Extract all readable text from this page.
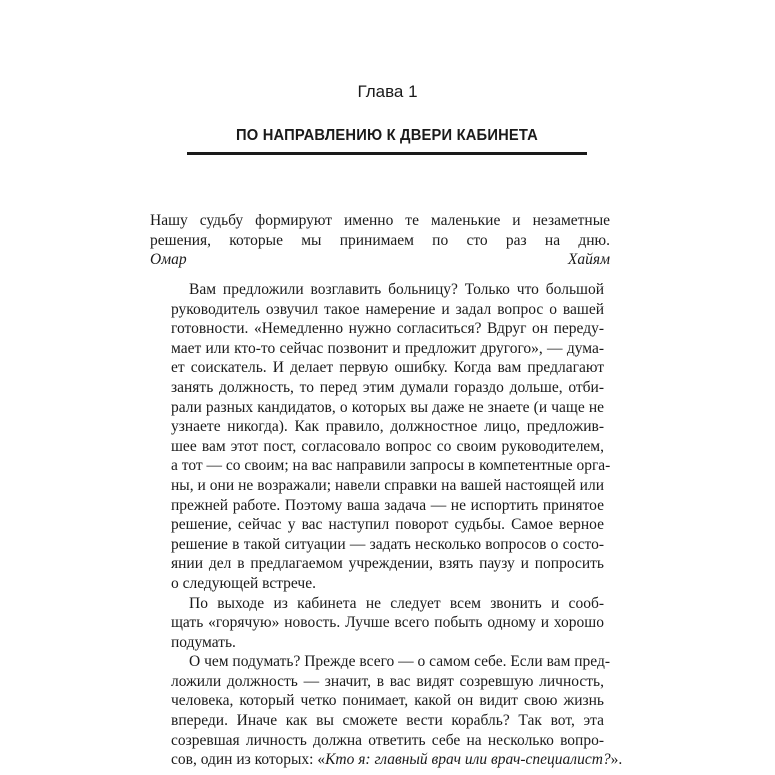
Глава 1
ПО НАПРАВЛЕНИЮ К ДВЕРИ КАБИНЕТА
Нашу судьбу формируют именно те маленькие и незаметные
решения, которые мы принимаем по сто раз на дню.
Омар Хайям
Вам предложили возглавить больницу? Только что большой
руководитель озвучил такое намерение и задал вопрос о вашей
готовности. «Немедленно нужно согласиться? Вдруг он переду-
мает или кто-то сейчас позвонит и предложит другого», — дума-
ет соискатель. И делает первую ошибку. Когда вам предлагают
занять должность, то перед этим думали гораздо дольше, отби-
рали разных кандидатов, о которых вы даже не знаете (и чаще не
узнаете никогда). Как правило, должностное лицо, предложив-
шее вам этот пост, согласовало вопрос со своим руководителем,
а тот — со своим; на вас направили запросы в компетентные орга-
ны, и они не возражали; навели справки на вашей настоящей или
прежней работе. Поэтому ваша задача — не испортить принятое
решение, сейчас у вас наступил поворот судьбы. Самое верное
решение в такой ситуации — задать несколько вопросов о состо-
янии дел в предлагаемом учреждении, взять паузу и попросить
о следующей встрече.
По выходе из кабинета не следует всем звонить и сооб-
щать «горячую» новость. Лучше всего побыть одному и хорошо
подумать.
О чем подумать? Прежде всего — о самом себе. Если вам пред-
ложили должность — значит, в вас видят созревшую личность,
человека, который четко понимает, какой он видит свою жизнь
впереди. Иначе как вы сможете вести корабль? Так вот, эта
созревшая личность должна ответить себе на несколько вопро-
сов, один из которых: «Кто я: главный врач или врач-специалист?».
